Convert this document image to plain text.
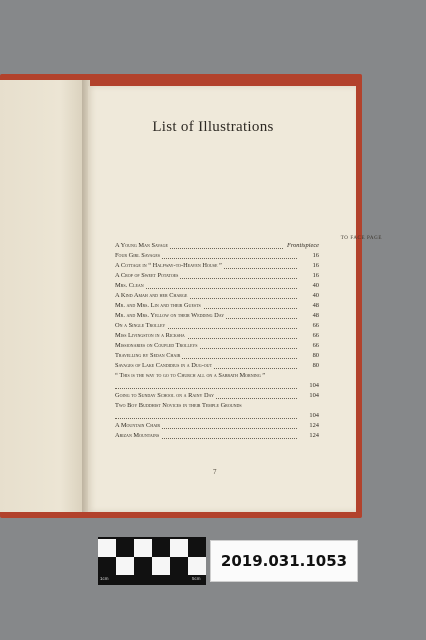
List of Illustrations
TO FACE PAGE
A Young Man Savage	Frontispiece
Four Girl Savages	16
A Cottage in “ Halfway-to-Heaven House ”	16
A Crop of Sweet Potatoes	16
Mrs. Clean	40
A Kind Amah and her Charge	40
Mr. and Mrs. Lin and their Guests	48
Mr. and Mrs. Yellow on their Wedding Day	48
On a Single Trolley	66
Miss Livingston in a Ricksha	66
Missionaries on Coupled Trolleys	66
Travelling by Sedan Chair	80
Savages of Lake Candidius in a Dug-out	80
“ This is the way to go to Church all on a Sabbath Morning ”
104
Going to Sunday School on a Rainy Day	104
Two Boy Buddhist Novices in their Temple Grounds
104
A Mountain Chair	124
Arizan Mountains	124
7
1cm	5cm
2019.031.1053
